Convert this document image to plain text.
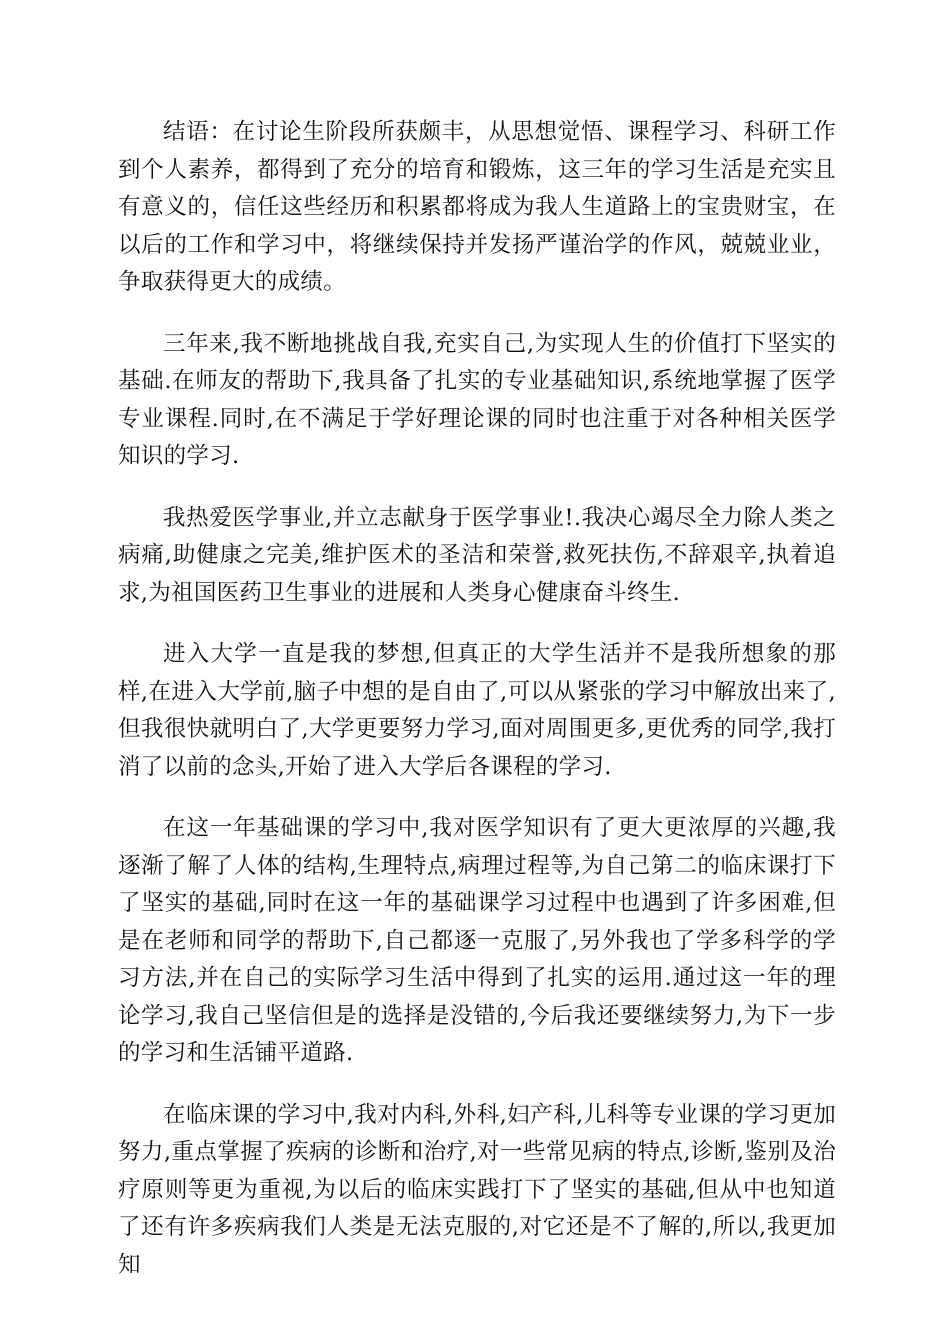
结语：在讨论生阶段所获颇丰，从思想觉悟、课程学习、科研工作到个人素养，都得到了充分的培育和锻炼，这三年的学习生活是充实且有意义的，信任这些经历和积累都将成为我人生道路上的宝贵财宝，在以后的工作和学习中，将继续保持并发扬严谨治学的作风，兢兢业业，争取获得更大的成绩。

三年来,我不断地挑战自我,充实自己,为实现人生的价值打下坚实的基础.在师友的帮助下,我具备了扎实的专业基础知识,系统地掌握了医学专业课程.同时,在不满足于学好理论课的同时也注重于对各种相关医学知识的学习.

我热爱医学事业,并立志献身于医学事业!.我决心竭尽全力除人类之病痛,助健康之完美,维护医术的圣洁和荣誉,救死扶伤,不辞艰辛,执着追求,为祖国医药卫生事业的进展和人类身心健康奋斗终生.

进入大学一直是我的梦想,但真正的大学生活并不是我所想象的那样,在进入大学前,脑子中想的是自由了,可以从紧张的学习中解放出来了,但我很快就明白了,大学更要努力学习,面对周围更多,更优秀的同学,我打消了以前的念头,开始了进入大学后各课程的学习.

在这一年基础课的学习中,我对医学知识有了更大更浓厚的兴趣,我逐渐了解了人体的结构,生理特点,病理过程等,为自己第二的临床课打下了坚实的基础,同时在这一年的基础课学习过程中也遇到了许多困难,但是在老师和同学的帮助下,自己都逐一克服了,另外我也了学多科学的学习方法,并在自己的实际学习生活中得到了扎实的运用.通过这一年的理论学习,我自己坚信但是的选择是没错的,今后我还要继续努力,为下一步的学习和生活铺平道路.

在临床课的学习中,我对内科,外科,妇产科,儿科等专业课的学习更加努力,重点掌握了疾病的诊断和治疗,对一些常见病的特点,诊断,鉴别及治疗原则等更为重视,为以后的临床实践打下了坚实的基础,但从中也知道了还有许多疾病我们人类是无法克服的,对它还是不了解的,所以,我更加知
